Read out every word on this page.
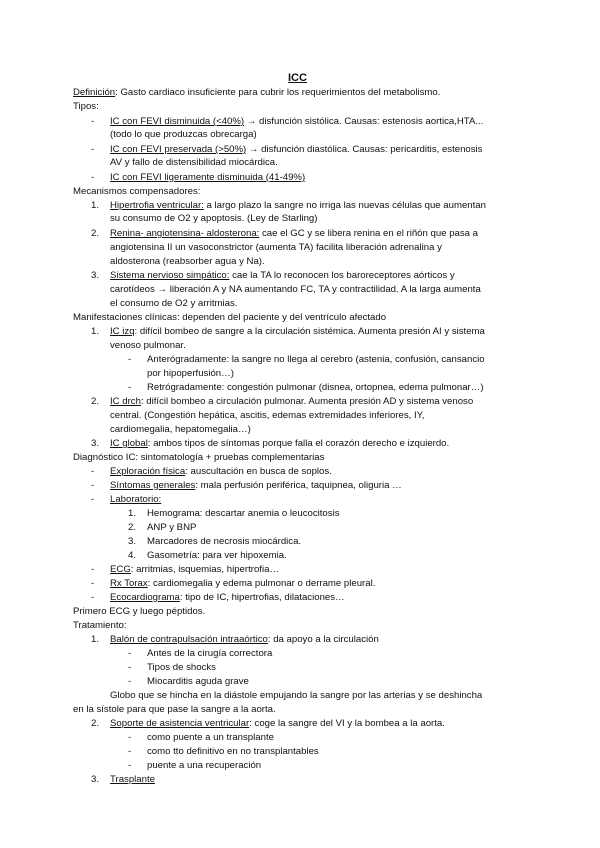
ICC
Definición: Gasto cardiaco insuficiente para cubrir los requerimientos del metabolismo.
Tipos:
- IC con FEVI disminuida (<40%) → disfunción sistólica. Causas: estenosis aortica,HTA...
(todo lo que produzcas obrecarga)
- IC con FEVI preservada (>50%) → disfunción diastólica. Causas: pericarditis, estenosis
AV y fallo de distensibilidad miocárdica.
- IC con FEVI ligeramente disminuida (41-49%)
Mecanismos compensadores:
1. Hipertrofia ventricular: a largo plazo la sangre no irriga las nuevas células que aumentan
su consumo de O2 y apoptosis. (Ley de Starling)
2. Renina- angiotensina- aldosterona: cae el GC y se libera renina en el riñón que pasa a
angiotensina II un vasoconstrictor (aumenta TA) facilita liberación adrenalina y
aldosterona (reabsorber agua y Na).
3. Sistema nervioso simpático: cae la TA lo reconocen los baroreceptores aórticos y
carotídeos → liberación A y NA aumentando FC, TA y contractilidad. A la larga aumenta
el consumo de O2 y arritmias.
Manifestaciones clínicas: dependen del paciente y del ventrículo afectado
1. IC izq: difícil bombeo de sangre a la circulación sistémica. Aumenta presión AI y sistema
venoso pulmonar.
- Anterógradamente: la sangre no llega al cerebro (astenia, confusión, cansancio
por hipoperfusión…)
- Retrógradamente: congestión pulmonar (disnea, ortopnea, edema pulmonar…)
2. IC drch: difícil bombeo a circulación pulmonar. Aumenta presión AD y sistema venoso
central. (Congestión hepática, ascitis, edemas extremidades inferiores, IY,
cardiomegalia, hepatomegalia…)
3. IC global: ambos tipos de síntomas porque falla el corazón derecho e izquierdo.
Diagnóstico IC: sintomatología + pruebas complementarias
- Exploración física: auscultación en busca de soplos.
- Síntomas generales: mala perfusión periférica, taquipnea, oliguria …
- Laboratorio:
1. Hemograma: descartar anemia o leucocitosis
2. ANP y BNP
3. Marcadores de necrosis miocárdica.
4. Gasometría: para ver hipoxemia.
- ECG: arritmias, isquemias, hipertrofia…
- Rx Torax: cardiomegalia y edema pulmonar o derrame pleural.
- Ecocardiograma: tipo de IC, hipertrofias, dilataciones…
Primero ECG y luego péptidos.
Tratamiento:
1. Balón de contrapulsación intraaórtico: da apoyo a la circulación
- Antes de la cirugía correctora
- Tipos de shocks
- Miocarditis aguda grave
Globo que se hincha en la diástole empujando la sangre por las arterias y se deshincha
en la sístole para que pase la sangre a la aorta.
2. Soporte de asistencia ventricular: coge la sangre del VI y la bombea a la aorta.
- como puente a un transplante
- como tto definitivo en no transplantables
- puente a una recuperación
3. Trasplante
